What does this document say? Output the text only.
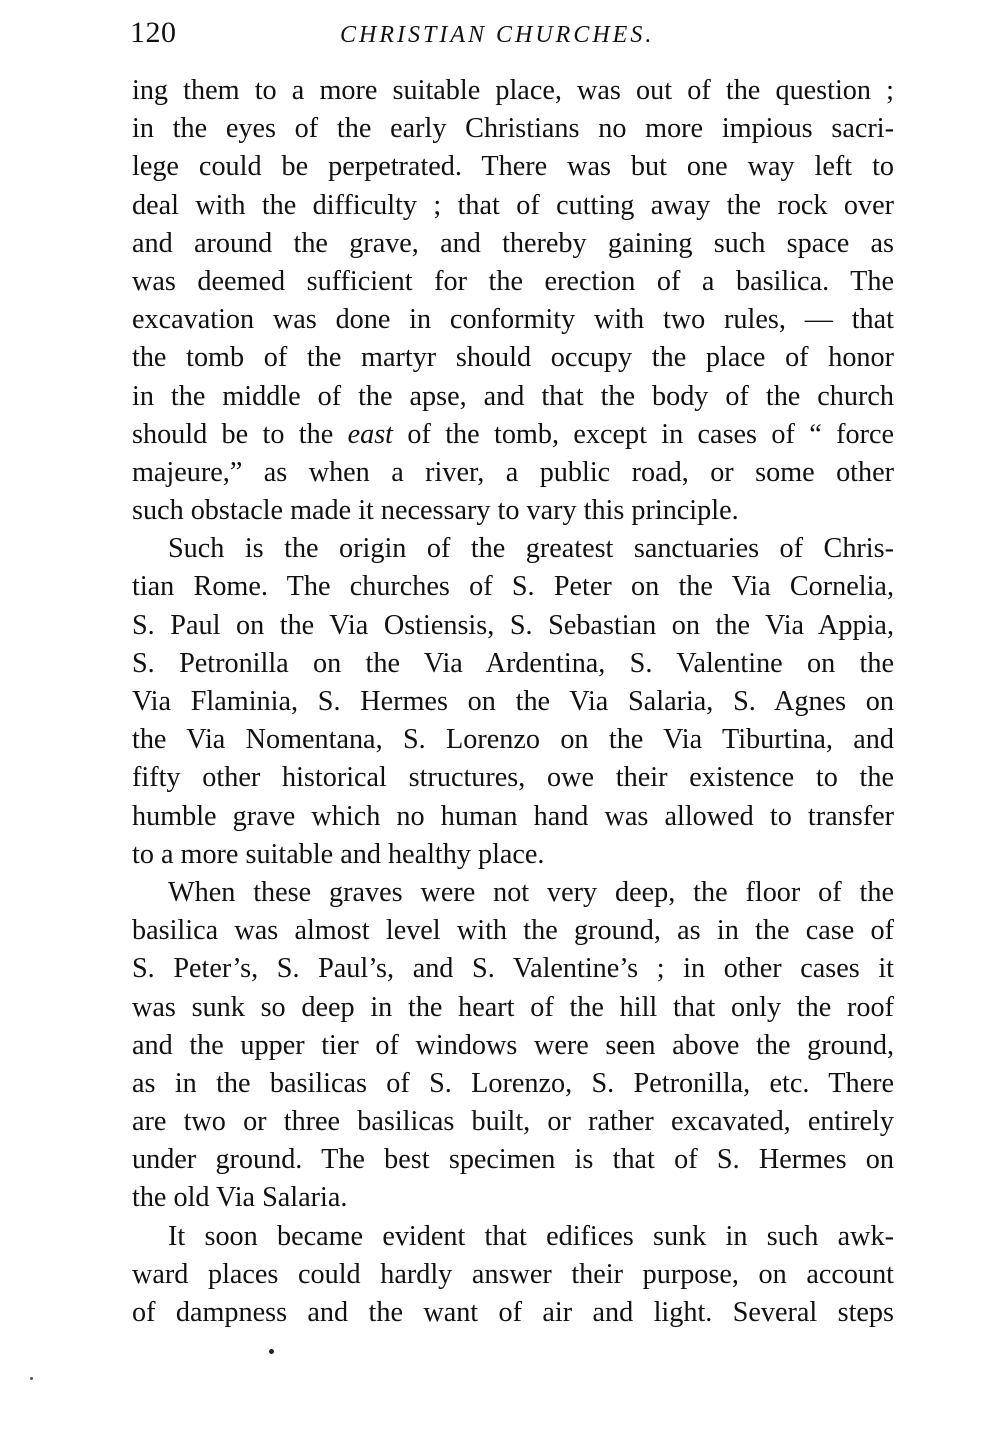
120	CHRISTIAN CHURCHES.
ing them to a more suitable place, was out of the question ;
in the eyes of the early Christians no more impious sacri-
lege could be perpetrated. There was but one way left to
deal with the difficulty ; that of cutting away the rock over
and around the grave, and thereby gaining such space as
was deemed sufficient for the erection of a basilica. The
excavation was done in conformity with two rules, — that
the tomb of the martyr should occupy the place of honor
in the middle of the apse, and that the body of the church
should be to the east of the tomb, except in cases of “ force
majeure,” as when a river, a public road, or some other
such obstacle made it necessary to vary this principle.
Such is the origin of the greatest sanctuaries of Chris-
tian Rome. The churches of S. Peter on the Via Cornelia,
S. Paul on the Via Ostiensis, S. Sebastian on the Via Appia,
S. Petronilla on the Via Ardentina, S. Valentine on the
Via Flaminia, S. Hermes on the Via Salaria, S. Agnes on
the Via Nomentana, S. Lorenzo on the Via Tiburtina, and
fifty other historical structures, owe their existence to the
humble grave which no human hand was allowed to transfer
to a more suitable and healthy place.
When these graves were not very deep, the floor of the
basilica was almost level with the ground, as in the case of
S. Peter’s, S. Paul’s, and S. Valentine’s ; in other cases it
was sunk so deep in the heart of the hill that only the roof
and the upper tier of windows were seen above the ground,
as in the basilicas of S. Lorenzo, S. Petronilla, etc. There
are two or three basilicas built, or rather excavated, entirely
under ground. The best specimen is that of S. Hermes on
the old Via Salaria.
It soon became evident that edifices sunk in such awk-
ward places could hardly answer their purpose, on account
of dampness and the want of air and light. Several steps
